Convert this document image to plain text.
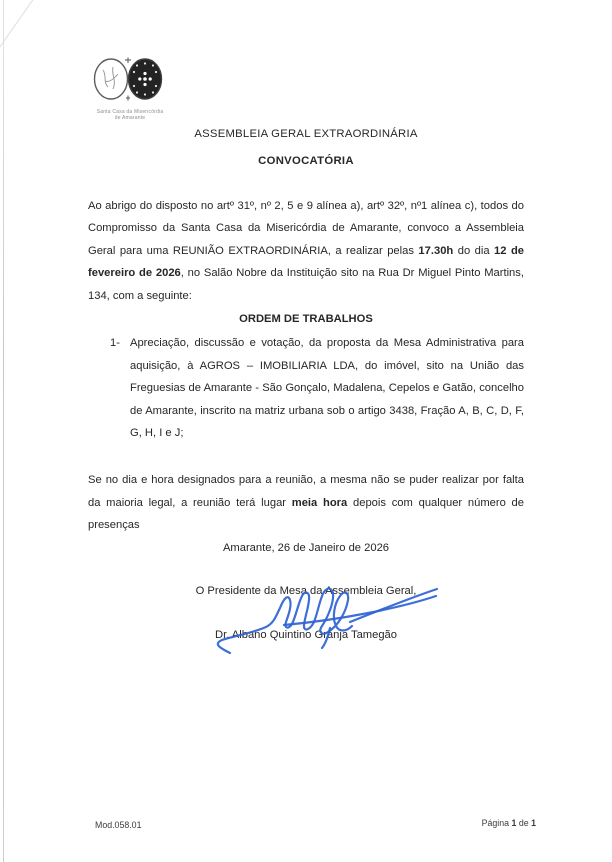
Santa Casa da Misericórdia
de Amarante
ASSEMBLEIA GERAL EXTRAORDINÁRIA
CONVOCATÓRIA

Ao abrigo do disposto no artº 31º, nº 2, 5 e 9 alínea a), artº 32º, nº1 alínea c), todos do Compromisso da Santa Casa da Misericórdia de Amarante, convoco a Assembleia Geral para uma REUNIÃO EXTRAORDINÁRIA, a realizar pelas 17.30h do dia 12 de fevereiro de 2026, no Salão Nobre da Instituição sito na Rua Dr Miguel Pinto Martins, 134, com a seguinte:

ORDEM DE TRABALHOS
1- Apreciação, discussão e votação, da proposta da Mesa Administrativa para aquisição, à AGROS – IMOBILIARIA LDA, do imóvel, sito na União das Freguesias de Amarante - São Gonçalo, Madalena, Cepelos e Gatão, concelho de Amarante, inscrito na matriz urbana sob o artigo 3438, Fração A, B, C, D, F, G, H, I e J;

Se no dia e hora designados para a reunião, a mesma não se puder realizar por falta da maioria legal, a reunião terá lugar meia hora depois com qualquer número de presenças

Amarante, 26 de Janeiro de 2026
O Presidente da Mesa da Assembleia Geral,
Dr. Albano Quintino Granja Tamegão
Mod.058.01	Página 1 de 1
